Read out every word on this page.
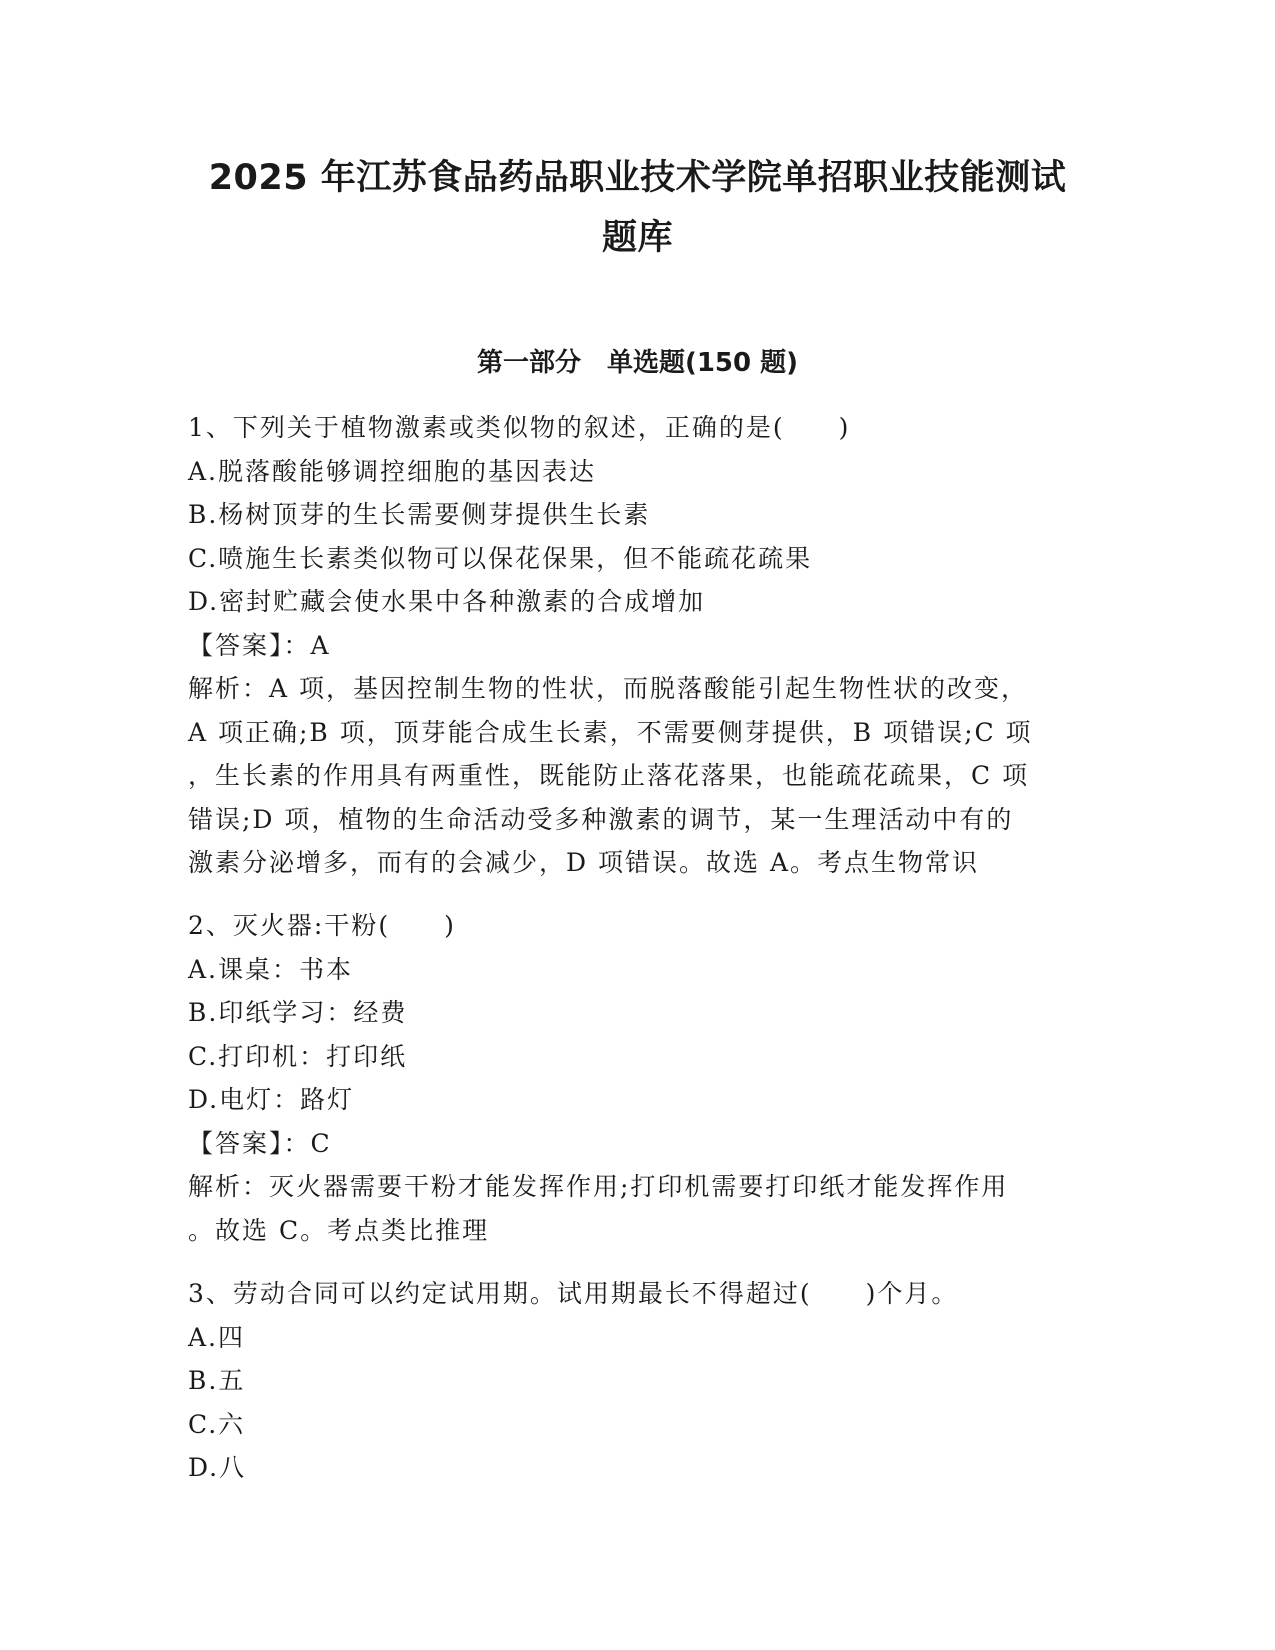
2025 年江苏食品药品职业技术学院单招职业技能测试
题库
第一部分　单选题(150 题)
1、下列关于植物激素或类似物的叙述，正确的是(　　)
A.脱落酸能够调控细胞的基因表达
B.杨树顶芽的生长需要侧芽提供生长素
C.喷施生长素类似物可以保花保果，但不能疏花疏果
D.密封贮藏会使水果中各种激素的合成增加
【答案】：A
解析：A 项，基因控制生物的性状，而脱落酸能引起生物性状的改变，
A 项正确;B 项，顶芽能合成生长素，不需要侧芽提供，B 项错误;C 项
，生长素的作用具有两重性，既能防止落花落果，也能疏花疏果，C 项
错误;D 项，植物的生命活动受多种激素的调节，某一生理活动中有的
激素分泌增多，而有的会减少，D 项错误。故选 A。考点生物常识
2、灭火器:干粉(　　)
A.课桌：书本
B.印纸学习：经费
C.打印机：打印纸
D.电灯：路灯
【答案】：C
解析：灭火器需要干粉才能发挥作用;打印机需要打印纸才能发挥作用
。故选 C。考点类比推理
3、劳动合同可以约定试用期。试用期最长不得超过(　　)个月。
A.四
B.五
C.六
D.八
